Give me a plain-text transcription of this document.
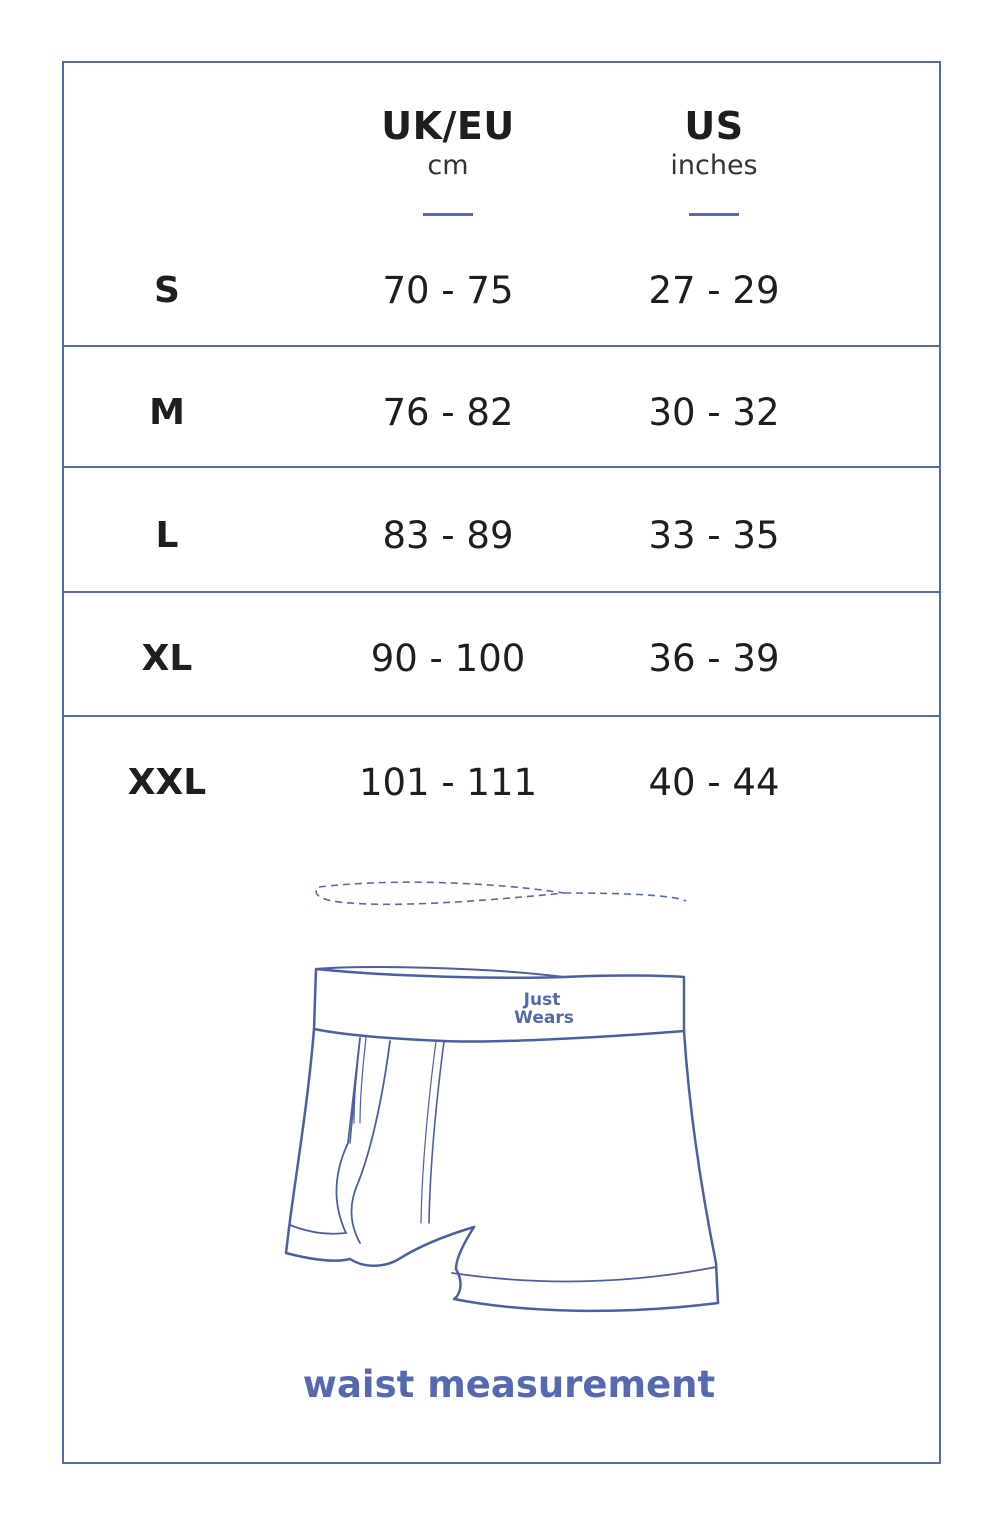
UK/EU
cm
US
inches
S	70 - 75	27 - 29
M	76 - 82	30 - 32
L	83 - 89	33 - 35
XL	90 - 100	36 - 39
XXL	101 - 111	40 - 44
Just
Wears
waist measurement
